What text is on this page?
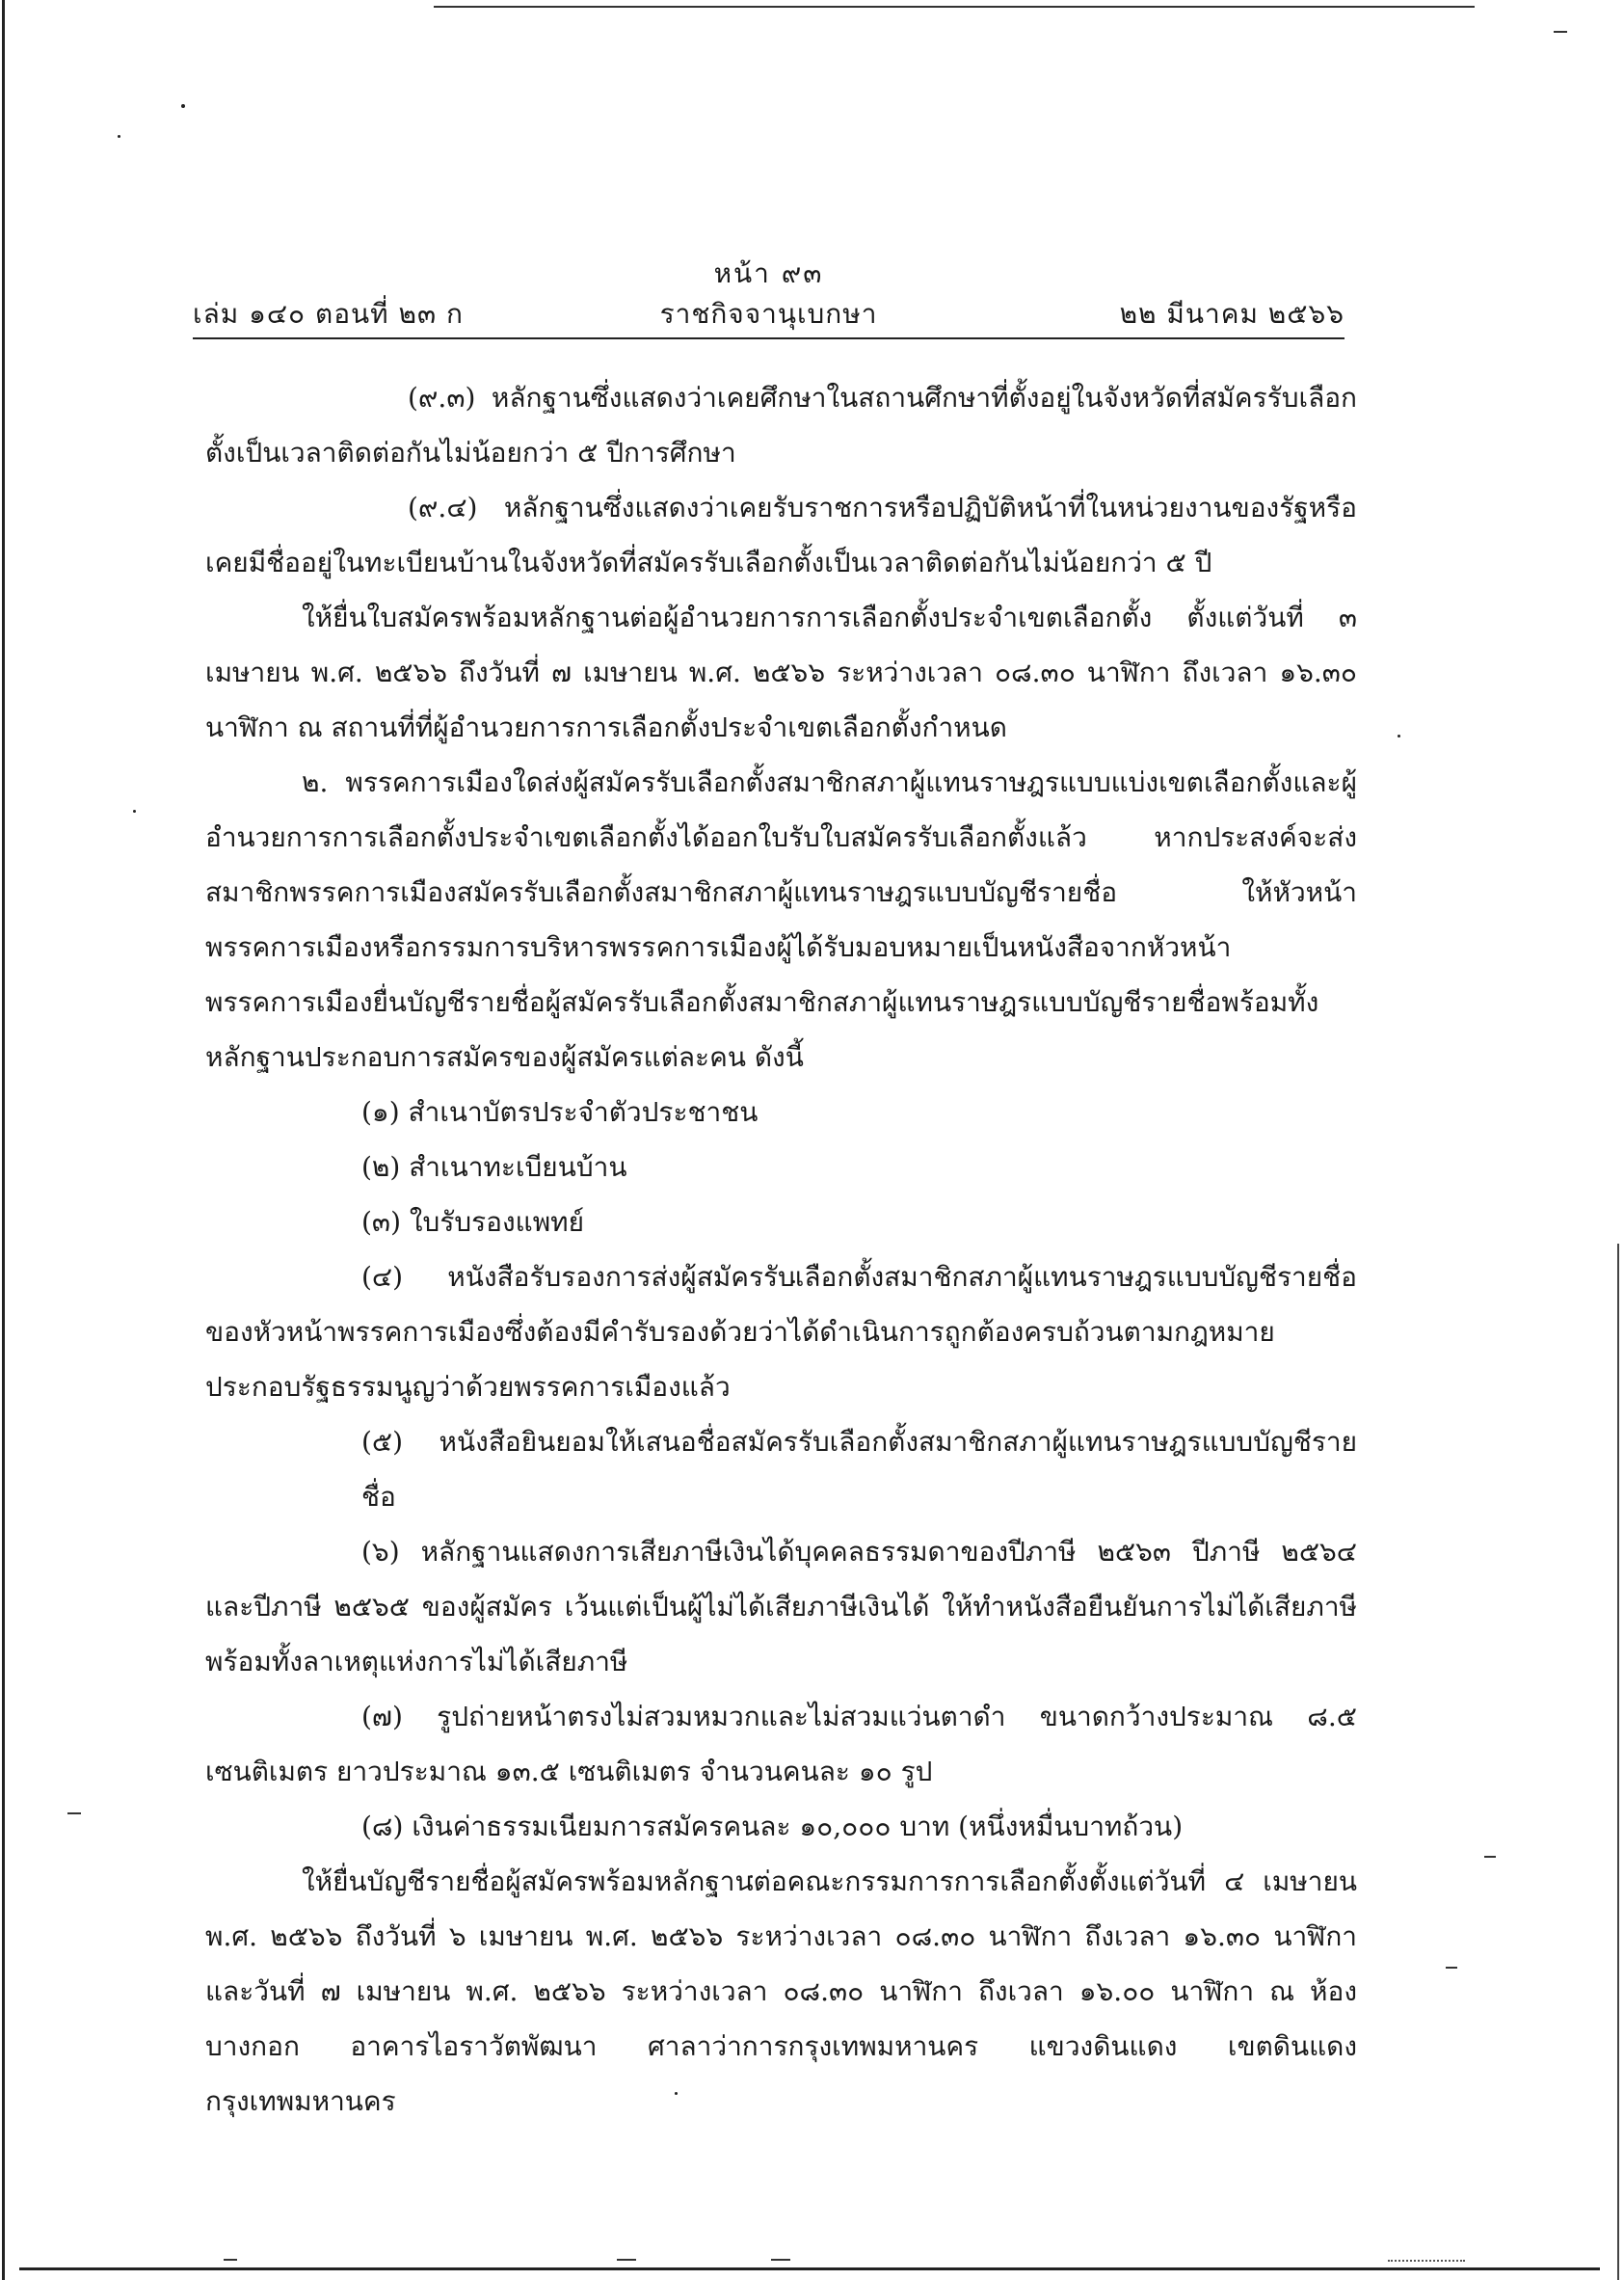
หน้า ๙๓
เล่ม ๑๔๐ ตอนที่ ๒๓ ก	ราชกิจจานุเบกษา	๒๒ มีนาคม ๒๕๖๖

(๙.๓) หลักฐานซึ่งแสดงว่าเคยศึกษาในสถานศึกษาที่ตั้งอยู่ในจังหวัดที่สมัครรับเลือกตั้งเป็นเวลาติดต่อกันไม่น้อยกว่า ๕ ปีการศึกษา

(๙.๔) หลักฐานซึ่งแสดงว่าเคยรับราชการหรือปฏิบัติหน้าที่ในหน่วยงานของรัฐหรือเคยมีชื่ออยู่ในทะเบียนบ้านในจังหวัดที่สมัครรับเลือกตั้งเป็นเวลาติดต่อกันไม่น้อยกว่า ๕ ปี

ให้ยื่นใบสมัครพร้อมหลักฐานต่อผู้อำนวยการการเลือกตั้งประจำเขตเลือกตั้ง ตั้งแต่วันที่ ๓ เมษายน พ.ศ. ๒๕๖๖ ถึงวันที่ ๗ เมษายน พ.ศ. ๒๕๖๖ ระหว่างเวลา ๐๘.๓๐ นาฬิกา ถึงเวลา ๑๖.๓๐ นาฬิกา ณ สถานที่ที่ผู้อำนวยการการเลือกตั้งประจำเขตเลือกตั้งกำหนด

๒. พรรคการเมืองใดส่งผู้สมัครรับเลือกตั้งสมาชิกสภาผู้แทนราษฎรแบบแบ่งเขตเลือกตั้งและผู้อำนวยการการเลือกตั้งประจำเขตเลือกตั้งได้ออกใบรับใบสมัครรับเลือกตั้งแล้ว หากประสงค์จะส่งสมาชิกพรรคการเมืองสมัครรับเลือกตั้งสมาชิกสภาผู้แทนราษฎรแบบบัญชีรายชื่อ ให้หัวหน้าพรรคการเมืองหรือกรรมการบริหารพรรคการเมืองผู้ได้รับมอบหมายเป็นหนังสือจากหัวหน้าพรรคการเมืองยื่นบัญชีรายชื่อผู้สมัครรับเลือกตั้งสมาชิกสภาผู้แทนราษฎรแบบบัญชีรายชื่อพร้อมทั้งหลักฐานประกอบการสมัครของผู้สมัครแต่ละคน ดังนี้

(๑) สำเนาบัตรประจำตัวประชาชน

(๒) สำเนาทะเบียนบ้าน

(๓) ใบรับรองแพทย์

(๔) หนังสือรับรองการส่งผู้สมัครรับเลือกตั้งสมาชิกสภาผู้แทนราษฎรแบบบัญชีรายชื่อของหัวหน้าพรรคการเมืองซึ่งต้องมีคำรับรองด้วยว่าได้ดำเนินการถูกต้องครบถ้วนตามกฎหมายประกอบรัฐธรรมนูญว่าด้วยพรรคการเมืองแล้ว

(๕) หนังสือยินยอมให้เสนอชื่อสมัครรับเลือกตั้งสมาชิกสภาผู้แทนราษฎรแบบบัญชีรายชื่อ

(๖) หลักฐานแสดงการเสียภาษีเงินได้บุคคลธรรมดาของปีภาษี ๒๕๖๓ ปีภาษี ๒๕๖๔ และปีภาษี ๒๕๖๕ ของผู้สมัคร เว้นแต่เป็นผู้ไม่ได้เสียภาษีเงินได้ ให้ทำหนังสือยืนยันการไม่ได้เสียภาษีพร้อมทั้งลาเหตุแห่งการไม่ได้เสียภาษี

(๗) รูปถ่ายหน้าตรงไม่สวมหมวกและไม่สวมแว่นตาดำ ขนาดกว้างประมาณ ๘.๕ เซนติเมตร ยาวประมาณ ๑๓.๕ เซนติเมตร จำนวนคนละ ๑๐ รูป

(๘) เงินค่าธรรมเนียมการสมัครคนละ ๑๐,๐๐๐ บาท (หนึ่งหมื่นบาทถ้วน)

ให้ยื่นบัญชีรายชื่อผู้สมัครพร้อมหลักฐานต่อคณะกรรมการการเลือกตั้งตั้งแต่วันที่ ๔ เมษายน พ.ศ. ๒๕๖๖ ถึงวันที่ ๖ เมษายน พ.ศ. ๒๕๖๖ ระหว่างเวลา ๐๘.๓๐ นาฬิกา ถึงเวลา ๑๖.๓๐ นาฬิกา และวันที่ ๗ เมษายน พ.ศ. ๒๕๖๖ ระหว่างเวลา ๐๘.๓๐ นาฬิกา ถึงเวลา ๑๖.๐๐ นาฬิกา ณ ห้องบางกอก อาคารไอราวัตพัฒนา ศาลาว่าการกรุงเทพมหานคร แขวงดินแดง เขตดินแดง กรุงเทพมหานคร
